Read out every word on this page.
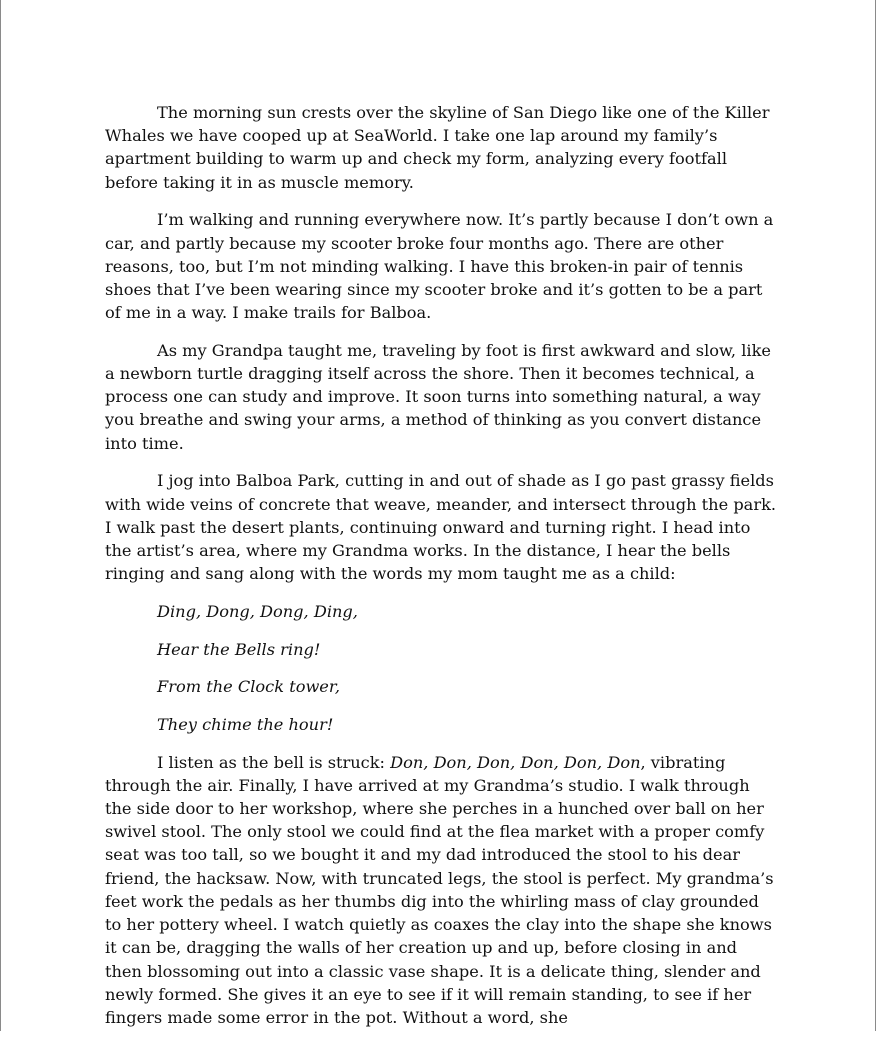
The morning sun crests over the skyline of San Diego like one of the Killer Whales we have cooped up at SeaWorld. I take one lap around my family’s apartment building to warm up and check my form, analyzing every footfall before taking it in as muscle memory.

I’m walking and running everywhere now. It’s partly because I don’t own a car, and partly because my scooter broke four months ago. There are other reasons, too, but I’m not minding walking. I have this broken-in pair of tennis shoes that I’ve been wearing since my scooter broke and it’s gotten to be a part of me in a way. I make trails for Balboa.

As my Grandpa taught me, traveling by foot is first awkward and slow, like a newborn turtle dragging itself across the shore. Then it becomes technical, a process one can study and improve. It soon turns into something natural, a way you breathe and swing your arms, a method of thinking as you convert distance into time.

I jog into Balboa Park, cutting in and out of shade as I go past grassy fields with wide veins of concrete that weave, meander, and intersect through the park. I walk past the desert plants, continuing onward and turning right. I head into the artist’s area, where my Grandma works. In the distance, I hear the bells ringing and sang along with the words my mom taught me as a child:

Ding, Dong, Dong, Ding,

Hear the Bells ring!

From the Clock tower,

They chime the hour!

I listen as the bell is struck: Don, Don, Don, Don, Don, Don, vibrating through the air. Finally, I have arrived at my Grandma’s studio. I walk through the side door to her workshop, where she perches in a hunched over ball on her swivel stool. The only stool we could find at the flea market with a proper comfy seat was too tall, so we bought it and my dad introduced the stool to his dear friend, the hacksaw. Now, with truncated legs, the stool is perfect. My grandma’s feet work the pedals as her thumbs dig into the whirling mass of clay grounded to her pottery wheel. I watch quietly as coaxes the clay into the shape she knows it can be, dragging the walls of her creation up and up, before closing in and then blossoming out into a classic vase shape. It is a delicate thing, slender and newly formed. She gives it an eye to see if it will remain standing, to see if her fingers made some error in the pot. Without a word, she
